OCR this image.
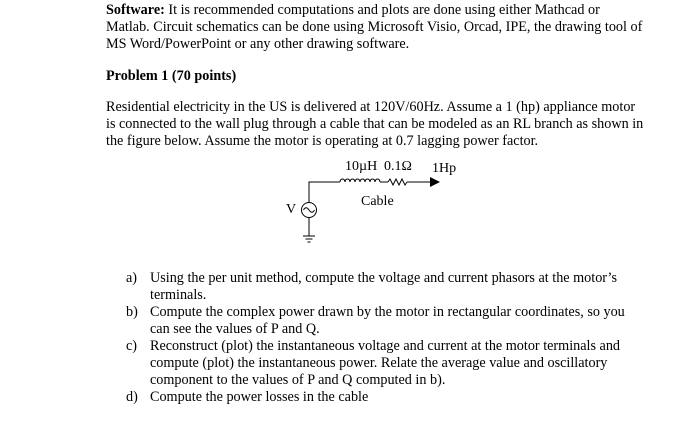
Software: It is recommended computations and plots are done using either Mathcad or Matlab. Circuit schematics can be done using Microsoft Visio, Orcad, IPE, the drawing tool of MS Word/PowerPoint or any other drawing software.

Problem 1 (70 points)

Residential electricity in the US is delivered at 120V/60Hz. Assume a 1 (hp) appliance motor is connected to the wall plug through a cable that can be modeled as an RL branch as shown in the figure below. Assume the motor is operating at 0.7 lagging power factor.

10µH 0.1Ω 1Hp
Cable
V
a) Using the per unit method, compute the voltage and current phasors at the motor’s terminals.
b) Compute the complex power drawn by the motor in rectangular coordinates, so you can see the values of P and Q.
c) Reconstruct (plot) the instantaneous voltage and current at the motor terminals and compute (plot) the instantaneous power. Relate the average value and oscillatory component to the values of P and Q computed in b).
d) Compute the power losses in the cable
